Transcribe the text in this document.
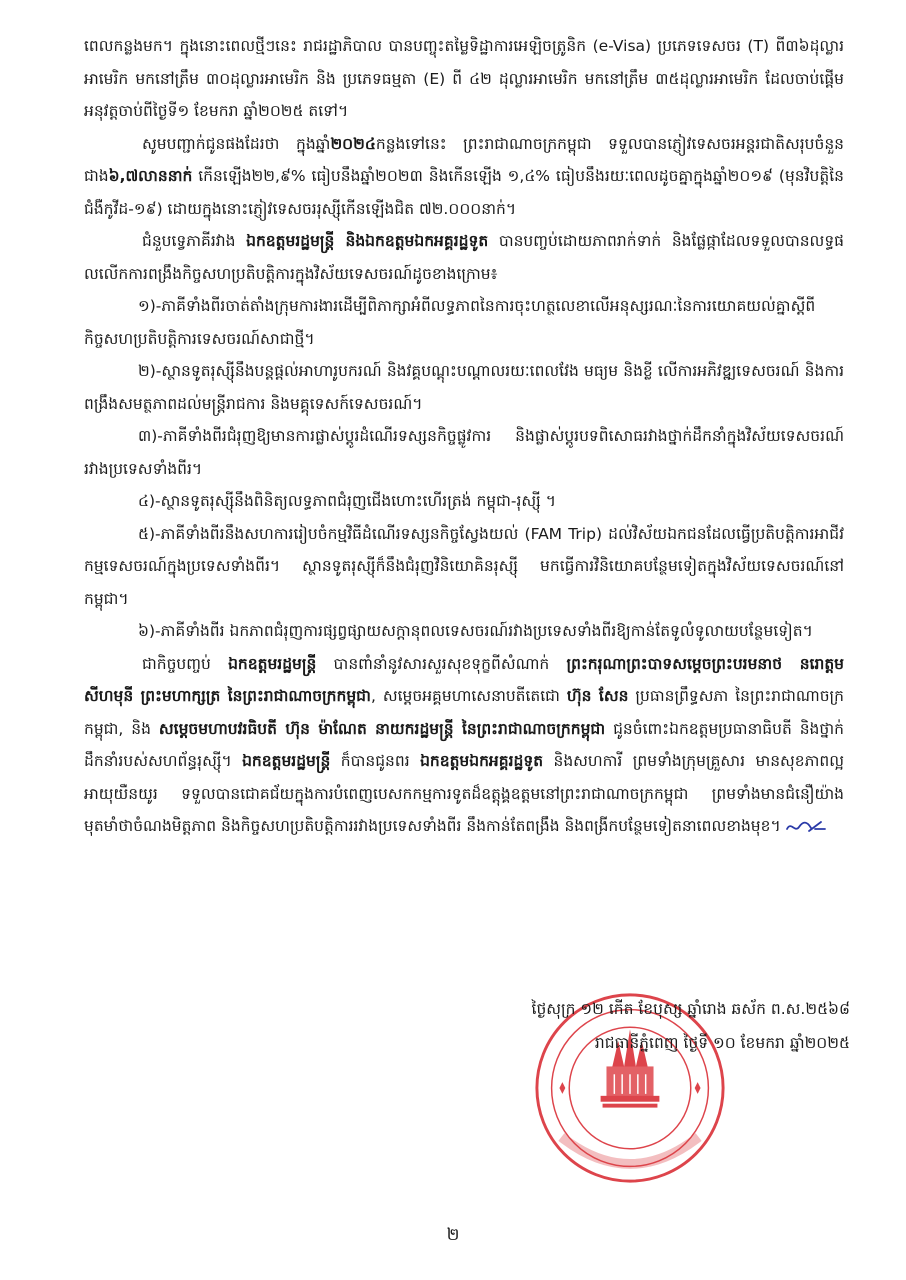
ពេលកន្លងមក។ ក្នុងនោះពេលថ្មីៗនេះ រាជរដ្ឋាភិបាល បានបញ្ចុះតម្លៃទិដ្ឋាការអេឡិចត្រូនិក (e-Visa) ប្រភេទទេសចរ (T) ពី៣៦ដុល្លារអាមេរិក មកនៅត្រឹម ៣០ដុល្លារអាមេរិក និង ប្រភេទធម្មតា (E) ពី ៤២ ដុល្លារអាមេរិក មកនៅត្រឹម ៣៥ដុល្លារអាមេរិក ដែលចាប់ផ្តើមអនុវត្តចាប់ពីថ្ងៃទី១ ខែមករា ឆ្នាំ២០២៥ តទៅ។

សូមបញ្ជាក់ជូនផងដែរថា ក្នុងឆ្នាំ២០២៤កន្លងទៅនេះ ព្រះរាជាណាចក្រកម្ពុជា ទទួលបានភ្ញៀវទេសចរអន្តរជាតិសរុបចំនួនជាង៦,៧លាននាក់ កើនឡើង២២,៩% ធៀបនឹងឆ្នាំ២០២៣ និងកើនឡើង ១,៤% ធៀបនឹងរយៈពេលដូចគ្នាក្នុងឆ្នាំ២០១៩ (មុនវិបត្តិនៃជំងឺកូវីដ-១៩) ដោយក្នុងនោះភ្ញៀវទេសចររុស្ស៊ីកើនឡើងជិត ៧២.០០០នាក់។

ជំនួបទ្វេភាគីរវាង ឯកឧត្តមរដ្ឋមន្ត្រី និងឯកឧត្តមឯកអគ្គរដ្ឋទូត បានបញ្ចប់ដោយភាពរាក់ទាក់ និងផ្លែផ្កាដែលទទួលបានលទ្ធផលលើកការពង្រឹងកិច្ចសហប្រតិបត្តិការក្នុងវិស័យទេសចរណ៍ដូចខាងក្រោម៖

១)-ភាគីទាំងពីរចាត់តាំងក្រុមការងារដើម្បីពិភាក្សាអំពីលទ្ធភាពនៃការចុះហត្ថលេខាលើអនុស្សរណៈនៃការយោគយល់គ្នាស្តីពីកិច្ចសហប្រតិបត្តិការទេសចរណ៍សាជាថ្មី។

២)-ស្ថានទូតរុស្ស៊ីនឹងបន្តផ្តល់អាហារូបករណ៍ និងវគ្គបណ្តុះបណ្តាលរយៈពេលវែង មធ្យម និងខ្លី លើការអភិវឌ្ឍទេសចរណ៍ និងការពង្រឹងសមត្ថភាពដល់មន្ត្រីរាជការ និងមគ្គុទេសក៍ទេសចរណ៍។

៣)-ភាគីទាំងពីរជំរុញឱ្យមានការផ្លាស់ប្តូរដំណើរទស្សនកិច្ចផ្លូវការ និងផ្លាស់ប្តូរបទពិសោធរវាងថ្នាក់ដឹកនាំក្នុងវិស័យទេសចរណ៍រវាងប្រទេសទាំងពីរ។

៤)-ស្ថានទូតរុស្ស៊ីនឹងពិនិត្យលទ្ធភាពជំរុញជើងហោះហើរត្រង់ កម្ពុជា-រុស្ស៊ី ។

៥)-ភាគីទាំងពីរនឹងសហការរៀបចំកម្មវិធីដំណើរទស្សនកិច្ចស្វែងយល់ (FAM Trip) ដល់វិស័យឯកជនដែលធ្វើប្រតិបត្តិការអាជីវកម្មទេសចរណ៍ក្នុងប្រទេសទាំងពីរ។ ស្ថានទូតរុស្ស៊ីក៏នឹងជំរុញវិនិយោគិនរុស្ស៊ី មកធ្វើការវិនិយោគបន្ថែមទៀតក្នុងវិស័យទេសចរណ៍នៅកម្ពុជា។

៦)-ភាគីទាំងពីរ ឯកភាពជំរុញការផ្សព្វផ្សាយសក្តានុពលទេសចរណ៍រវាងប្រទេសទាំងពីរឱ្យកាន់តែទូលំទូលាយបន្ថែមទៀត។

ជាកិច្ចបញ្ចប់ ឯកឧត្តមរដ្ឋមន្ត្រី បានពាំនាំនូវសារសួរសុខទុក្ខពីសំណាក់ ព្រះករុណាព្រះបាទសម្តេចព្រះបរមនាថ នរោត្តម សីហមុនី ព្រះមហាក្សត្រ នៃព្រះរាជាណាចក្រកម្ពុជា, សម្តេចអគ្គមហាសេនាបតីតេជោ ហ៊ុន សែន ប្រធានព្រឹទ្ធសភា នៃព្រះរាជាណាចក្រកម្ពុជា, និង សម្តេចមហាបវរធិបតី ហ៊ុន ម៉ាណែត នាយករដ្ឋមន្ត្រី នៃព្រះរាជាណាចក្រកម្ពុជា ជូនចំពោះឯកឧត្តមប្រធានាធិបតី និងថ្នាក់ដឹកនាំរបស់សហព័ន្ធរុស្ស៊ី។ ឯកឧត្តមរដ្ឋមន្ត្រី ក៏បានជូនពរ ឯកឧត្តមឯកអគ្គរដ្ឋទូត និងសហការី ព្រមទាំងក្រុមគ្រួសារ មានសុខភាពល្អ អាយុយឺនយូរ ទទួលបានជោគជ័យក្នុងការបំពេញបេសកកម្មការទូតដ៏ឧត្តុង្គឧត្តមនៅព្រះរាជាណាចក្រកម្ពុជា ព្រមទាំងមានជំនឿយ៉ាងមុតមាំថាចំណងមិត្តភាព និងកិច្ចសហប្រតិបត្តិការរវាងប្រទេសទាំងពីរ នឹងកាន់តែពង្រឹង និងពង្រីកបន្ថែមទៀតនាពេលខាងមុខ។

ថ្ងៃសុក្រ ១២ កើត ខែបុស្ស ឆ្នាំរោង ឆស័ក ព.ស.២៥៦៨
រាជធានីភ្នំពេញ ថ្ងៃទី ១០ ខែមករា ឆ្នាំ២០២៥
២
